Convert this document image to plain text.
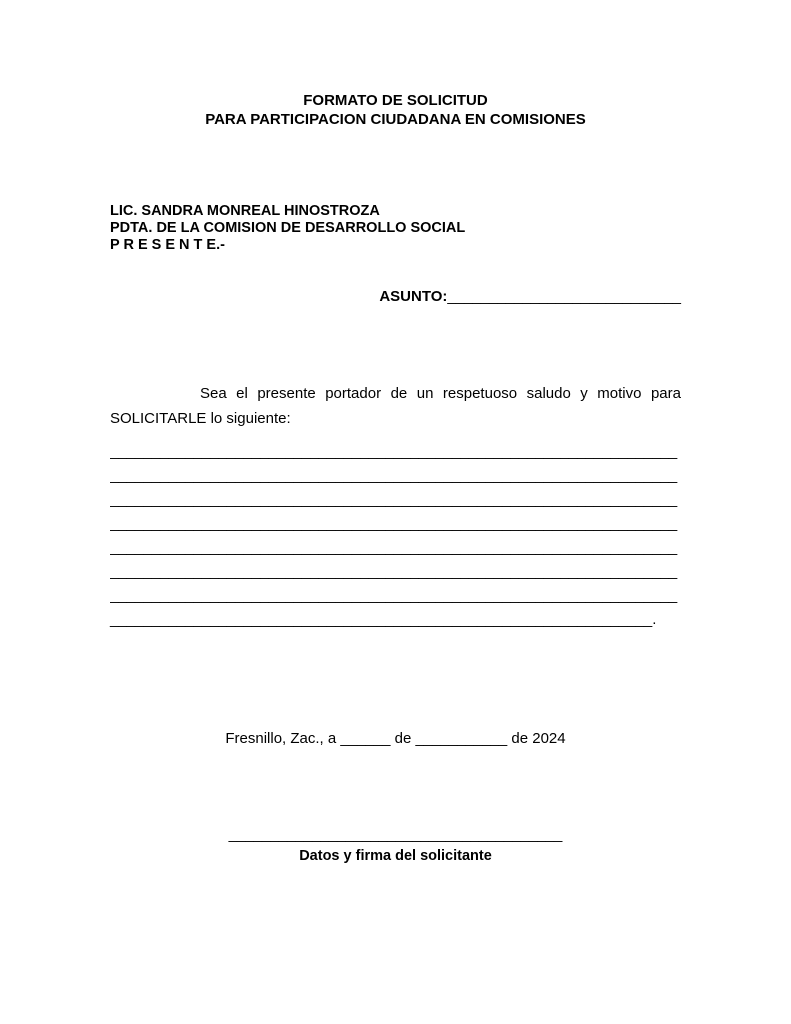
FORMATO DE SOLICITUD
PARA PARTICIPACION CIUDADANA EN COMISIONES
LIC. SANDRA MONREAL HINOSTROZA
PDTA. DE LA COMISION DE DESARROLLO SOCIAL
P R E S E N T E.-
ASUNTO:____________________________
Sea el presente portador de un respetuoso saludo y motivo para
SOLICITARLE lo siguiente:
____________________________________________________________________
____________________________________________________________________
____________________________________________________________________
____________________________________________________________________
____________________________________________________________________
____________________________________________________________________
____________________________________________________________________
_________________________________________________________________.
Fresnillo, Zac., a ______ de ___________ de 2024
________________________________________
Datos y firma del solicitante
